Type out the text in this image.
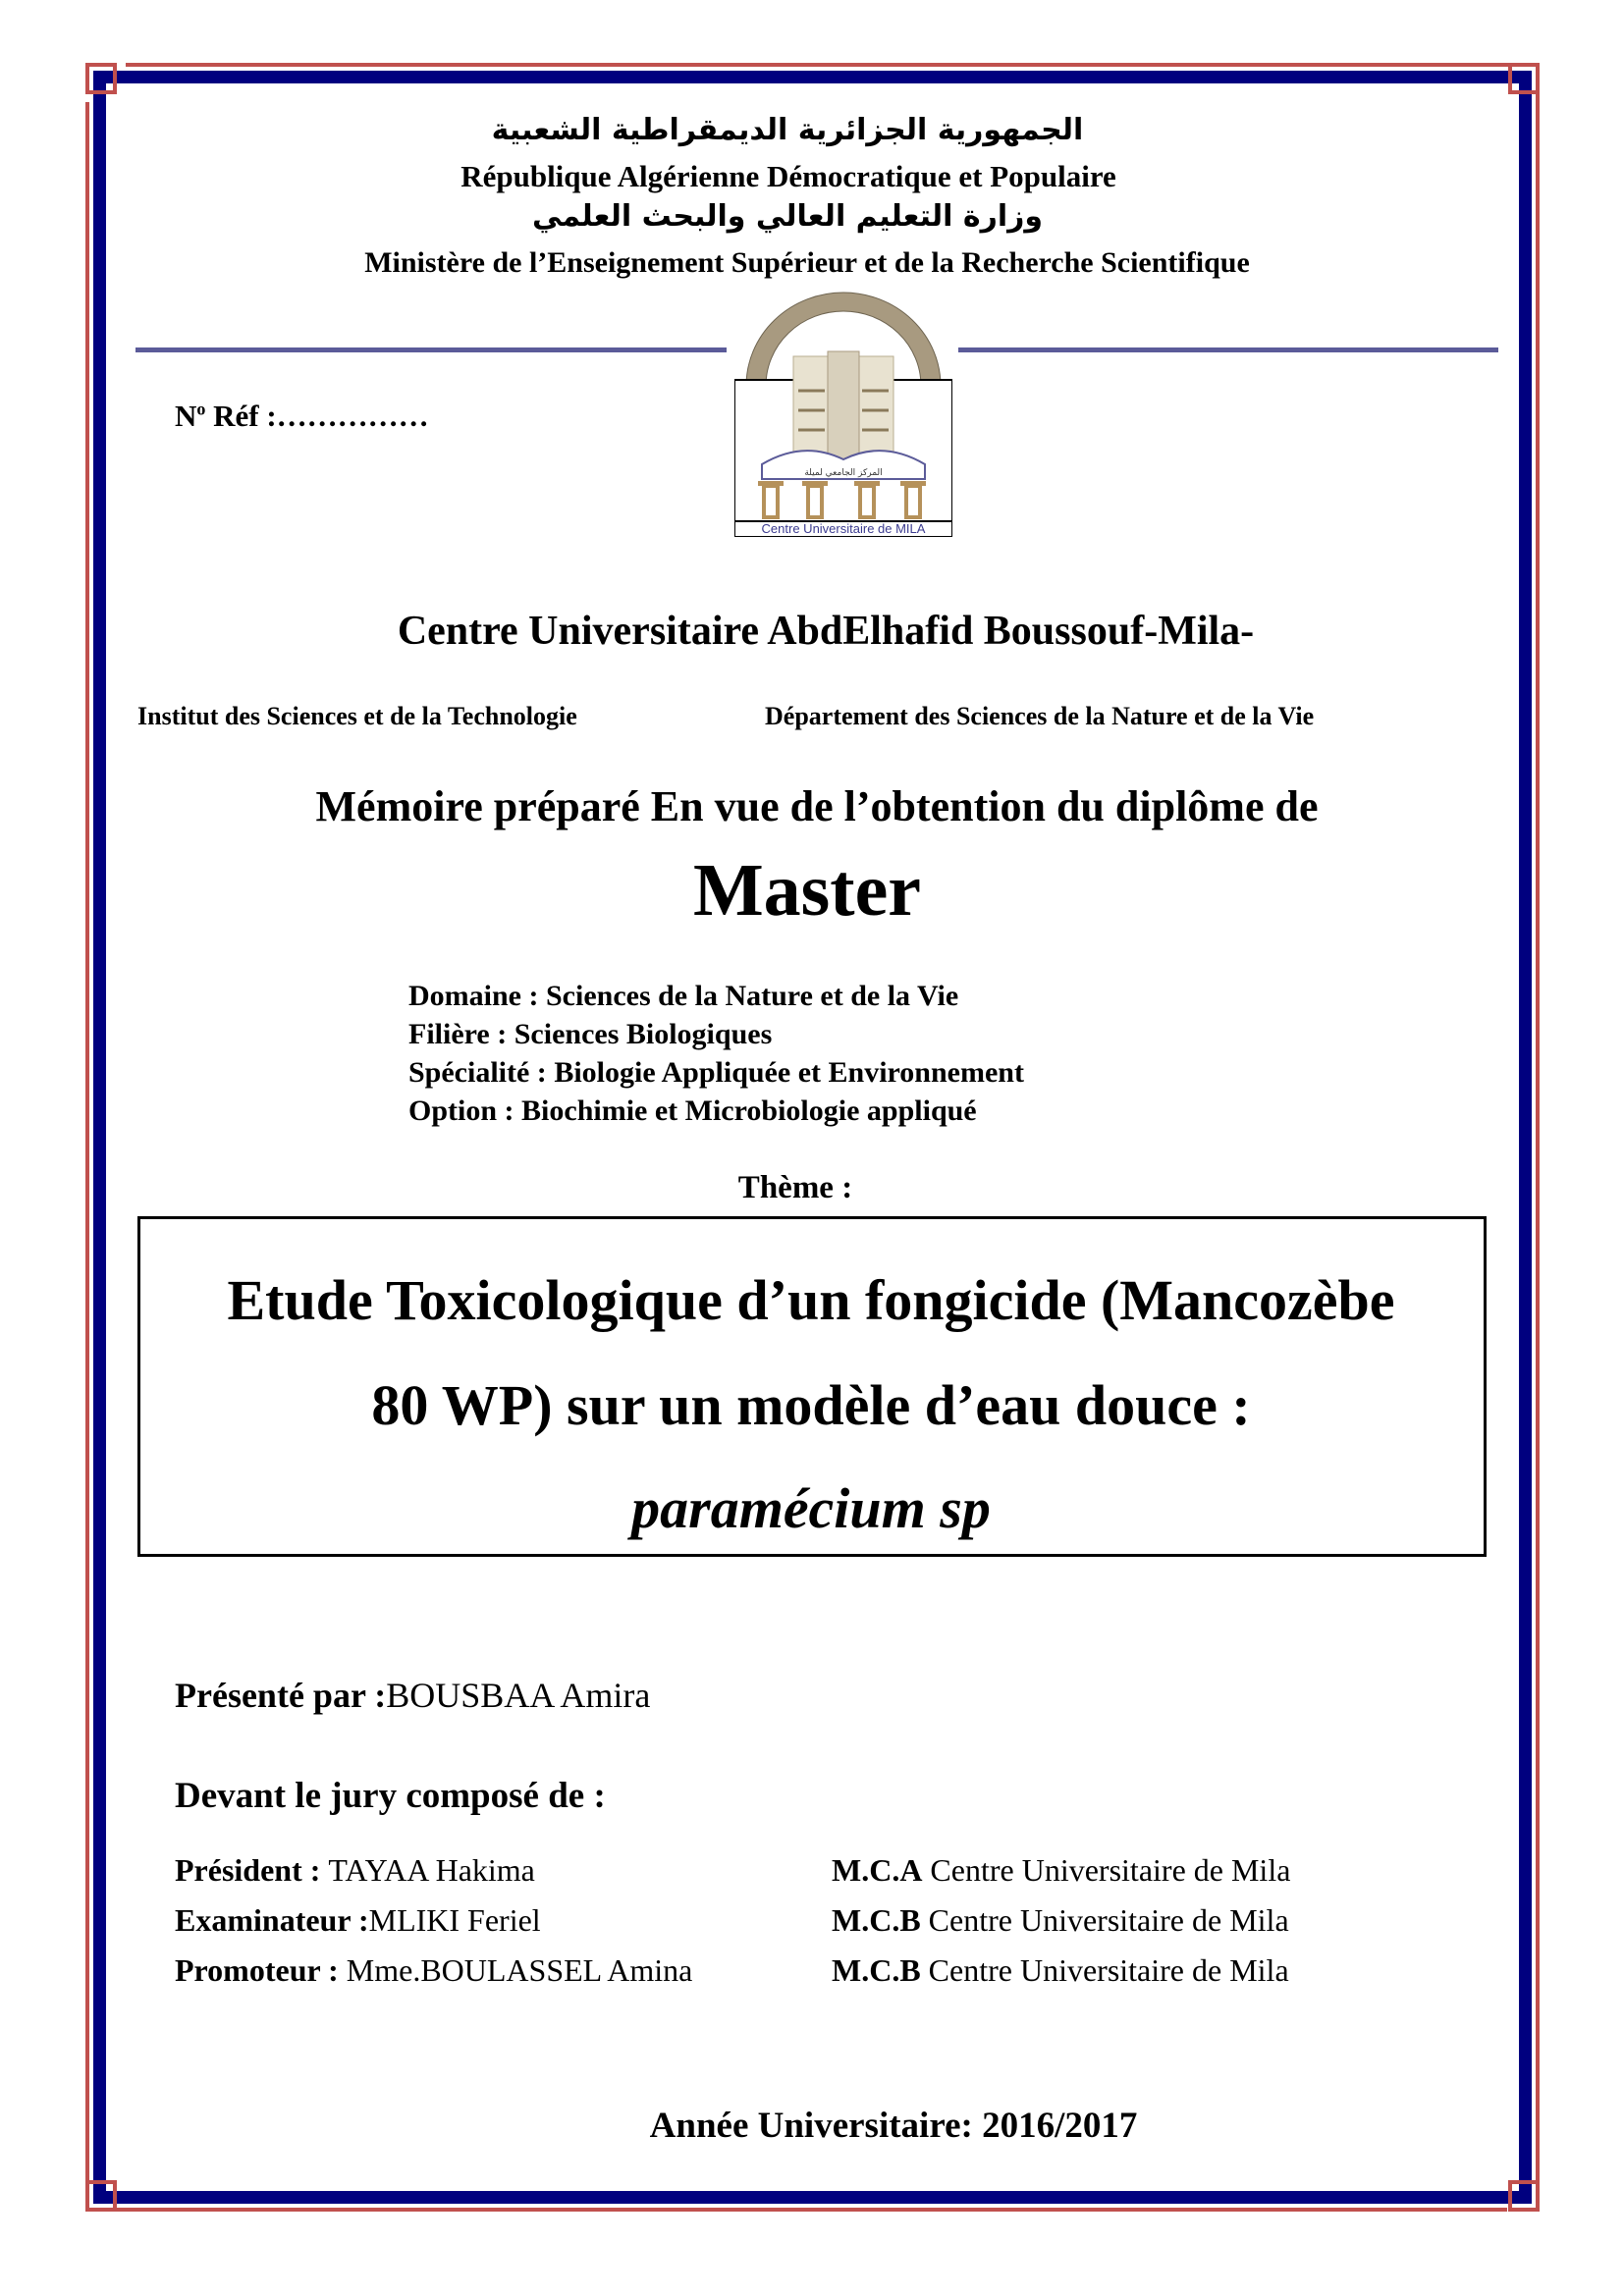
الجمهورية الجزائرية الديمقراطية الشعبية
République Algérienne Démocratique et Populaire
وزارة التعليم العالي والبحث العلمي
Ministère de l’Enseignement Supérieur et de la Recherche Scientifique
$N^o$ Réf :……………
المركز الجامعي لميلة
Centre Universitaire de MILA
Centre Universitaire AbdElhafid Boussouf-Mila-
Institut des Sciences et de la Technologie	Département des Sciences de la Nature et de la Vie
Mémoire préparé En vue de l’obtention du diplôme de
Master
Domaine : Sciences de la Nature et de la Vie
Filière : Sciences Biologiques
Spécialité : Biologie Appliquée et Environnement
Option : Biochimie et Microbiologie appliqué
Thème :
Etude Toxicologique d’un fongicide (Mancozèbe
80 WP) sur un modèle d’eau douce :
paramécium sp
Présenté par :BOUSBAA Amira
Devant le jury composé de :
Président : TAYAA Hakima	M.C.A Centre Universitaire de Mila
Examinateur :MLIKI Feriel	M.C.B Centre Universitaire de Mila
Promoteur : Mme.BOULASSEL Amina	M.C.B Centre Universitaire de Mila
Année Universitaire: 2016/2017
